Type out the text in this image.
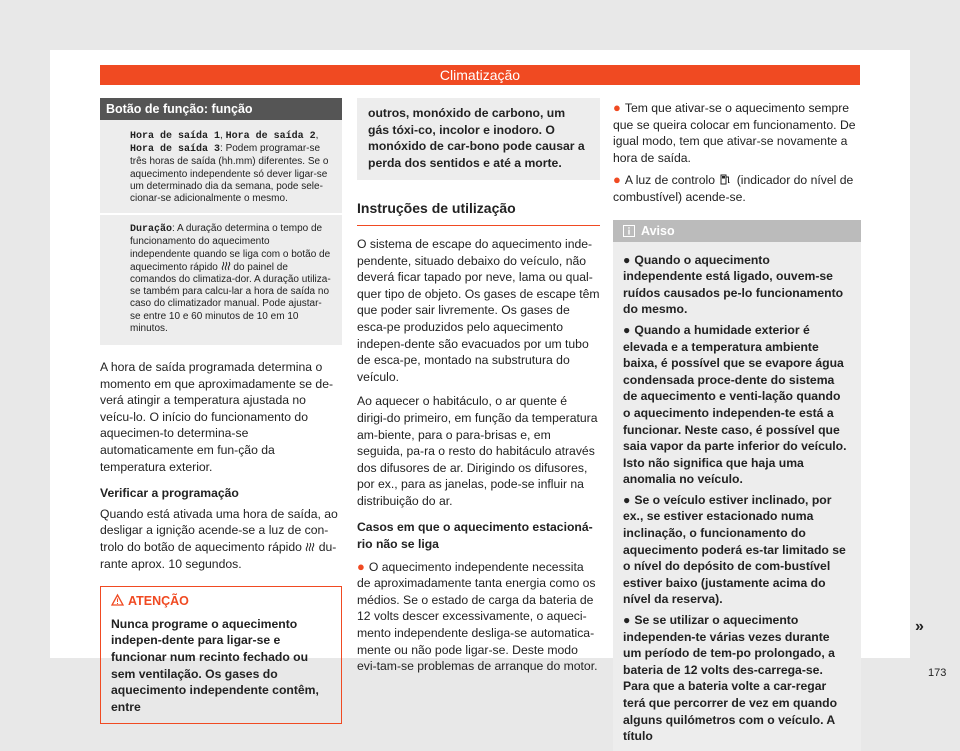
Climatização
Botão de função: função
Hora de saída 1, Hora de saída 2, Hora de saída 3: Podem programar-se três horas de saída (hh.mm) diferentes. Se o aquecimento independente só dever ligar-se um determinado dia da semana, pode sele-cionar-se adicionalmente o mesmo.
Duração: A duração determina o tempo de funcionamento do aquecimento independente quando se liga com o botão de aquecimento rápido do painel de comandos do climatiza-dor. A duração utiliza-se também para calcu-lar a hora de saída no caso do climatizador manual. Pode ajustar-se entre 10 e 60 minutos de 10 em 10 minutos.

A hora de saída programada determina o momento em que aproximadamente se de-verá atingir a temperatura ajustada no veícu-lo. O início do funcionamento do aquecimen-to determina-se automaticamente em fun-ção da temperatura exterior.

Verificar a programação

Quando está ativada uma hora de saída, ao desligar a ignição acende-se a luz de con-trolo do botão de aquecimento rápido du-rante aprox. 10 segundos.

ATENÇÃO
Nunca programe o aquecimento indepen-dente para ligar-se e funcionar num recinto fechado ou sem ventilação. Os gases do aquecimento independente contêm, entre
outros, monóxido de carbono, um gás tóxi-co, incolor e inodoro. O monóxido de car-bono pode causar a perda dos sentidos e até a morte.
Instruções de utilização

O sistema de escape do aquecimento inde-pendente, situado debaixo do veículo, não deverá ficar tapado por neve, lama ou qual-quer tipo de objeto. Os gases de escape têm que poder sair livremente. Os gases de esca-pe produzidos pelo aquecimento indepen-dente são evacuados por um tubo de esca-pe, montado na substrutura do veículo.

Ao aquecer o habitáculo, o ar quente é dirigi-do primeiro, em função da temperatura am-biente, para o para-brisas e, em seguida, pa-ra o resto do habitáculo através dos difusores de ar. Dirigindo os difusores, por ex., para as janelas, pode-se influir na distribuição do ar.

Casos em que o aquecimento estacioná-rio não se liga

● O aquecimento independente necessita de aproximadamente tanta energia como os médios. Se o estado de carga da bateria de 12 volts descer excessivamente, o aqueci-mento independente desliga-se automatica-mente ou não pode ligar-se. Deste modo evi-tam-se problemas de arranque do motor.
● Tem que ativar-se o aquecimento sempre que se queira colocar em funcionamento. De igual modo, tem que ativar-se novamente a hora de saída.
● A luz de controlo (indicador do nível de combustível) acende-se.
Aviso
● Quando o aquecimento independente está ligado, ouvem-se ruídos causados pe-lo funcionamento do mesmo.
● Quando a humidade exterior é elevada e a temperatura ambiente baixa, é possível que se evapore água condensada proce-dente do sistema de aquecimento e venti-lação quando o aquecimento independen-te está a funcionar. Neste caso, é possível que saia vapor da parte inferior do veículo. Isto não significa que haja uma anomalia no veículo.
● Se o veículo estiver inclinado, por ex., se estiver estacionado numa inclinação, o funcionamento do aquecimento poderá es-tar limitado se o nível do depósito de com-bustível estiver baixo (justamente acima do nível da reserva).
● Se se utilizar o aquecimento independen-te várias vezes durante um período de tem-po prolongado, a bateria de 12 volts des-carrega-se. Para que a bateria volte a car-regar terá que percorrer de vez em quando alguns quilómetros com o veículo. A título
»
173
